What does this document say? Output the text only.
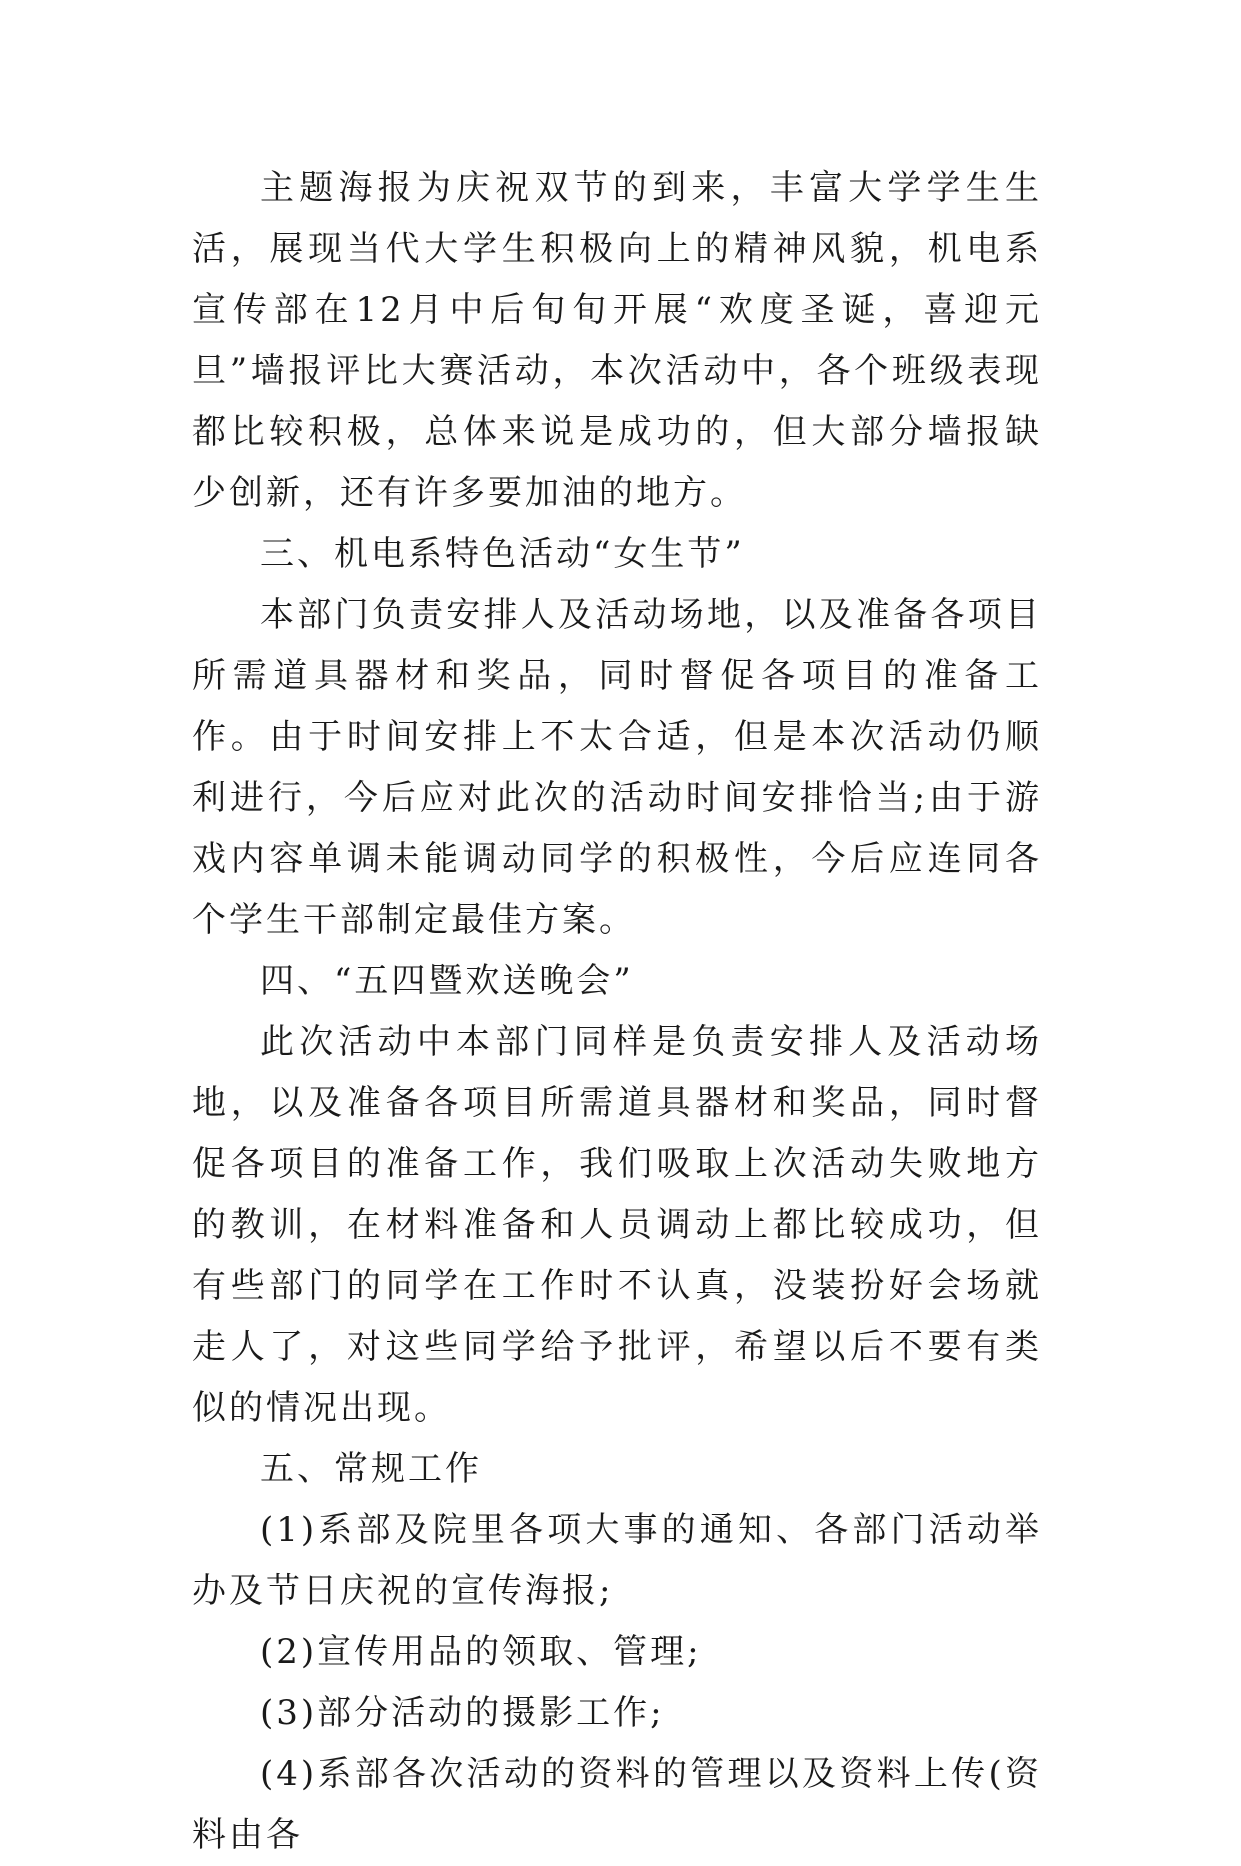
主题海报为庆祝双节的到来，丰富大学学生生活，展现当代大学生积极向上的精神风貌，机电系宣传部在12月中后旬旬开展“欢度圣诞，喜迎元旦”墙报评比大赛活动，本次活动中，各个班级表现都比较积极，总体来说是成功的，但大部分墙报缺少创新，还有许多要加油的地方。

三、机电系特色活动“女生节”

本部门负责安排人及活动场地，以及准备各项目所需道具器材和奖品，同时督促各项目的准备工作。由于时间安排上不太合适，但是本次活动仍顺利进行，今后应对此次的活动时间安排恰当;由于游戏内容单调未能调动同学的积极性，今后应连同各个学生干部制定最佳方案。

四、“五四暨欢送晚会”

此次活动中本部门同样是负责安排人及活动场地，以及准备各项目所需道具器材和奖品，同时督促各项目的准备工作，我们吸取上次活动失败地方的教训，在材料准备和人员调动上都比较成功，但有些部门的同学在工作时不认真，没装扮好会场就走人了，对这些同学给予批评，希望以后不要有类似的情况出现。

五、常规工作

(1)系部及院里各项大事的通知、各部门活动举办及节日庆祝的宣传海报;

(2)宣传用品的领取、管理;

(3)部分活动的摄影工作;

(4)系部各次活动的资料的管理以及资料上传(资料由各
